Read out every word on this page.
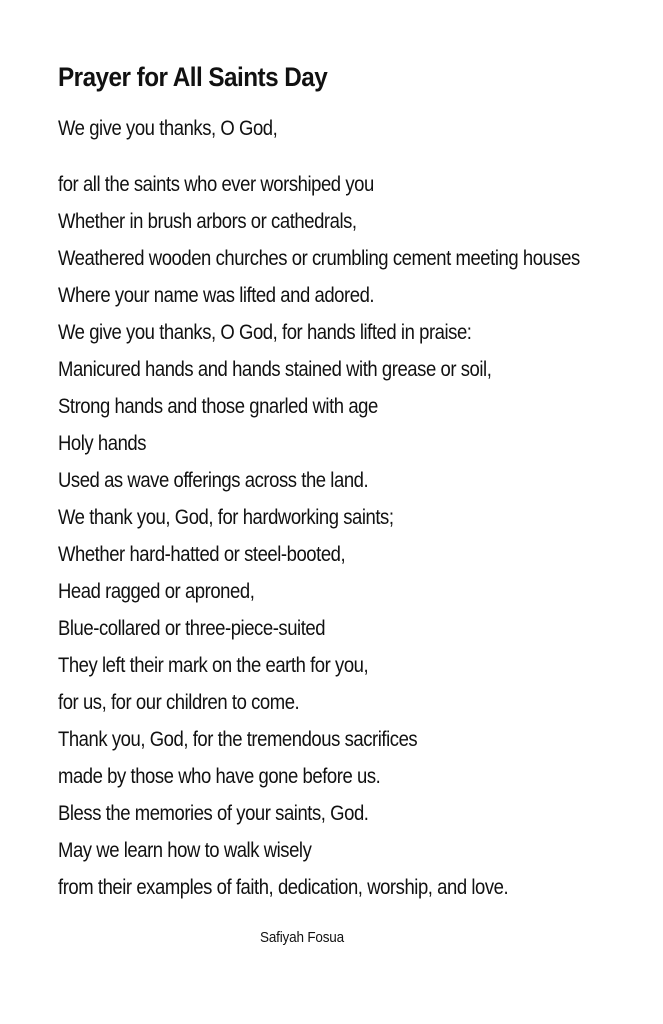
Prayer for All Saints Day

We give you thanks, O God,

for all the saints who ever worshiped you
Whether in brush arbors or cathedrals,
Weathered wooden churches or crumbling cement meeting houses
Where your name was lifted and adored.
We give you thanks, O God, for hands lifted in praise:
Manicured hands and hands stained with grease or soil,
Strong hands and those gnarled with age
Holy hands
Used as wave offerings across the land.
We thank you, God, for hardworking saints;
Whether hard-hatted or steel-booted,
Head ragged or aproned,
Blue-collared or three-piece-suited
They left their mark on the earth for you,
for us, for our children to come.
Thank you, God, for the tremendous sacrifices
made by those who have gone before us.
Bless the memories of your saints, God.
May we learn how to walk wisely
from their examples of faith, dedication, worship, and love.

Safiyah Fosua
